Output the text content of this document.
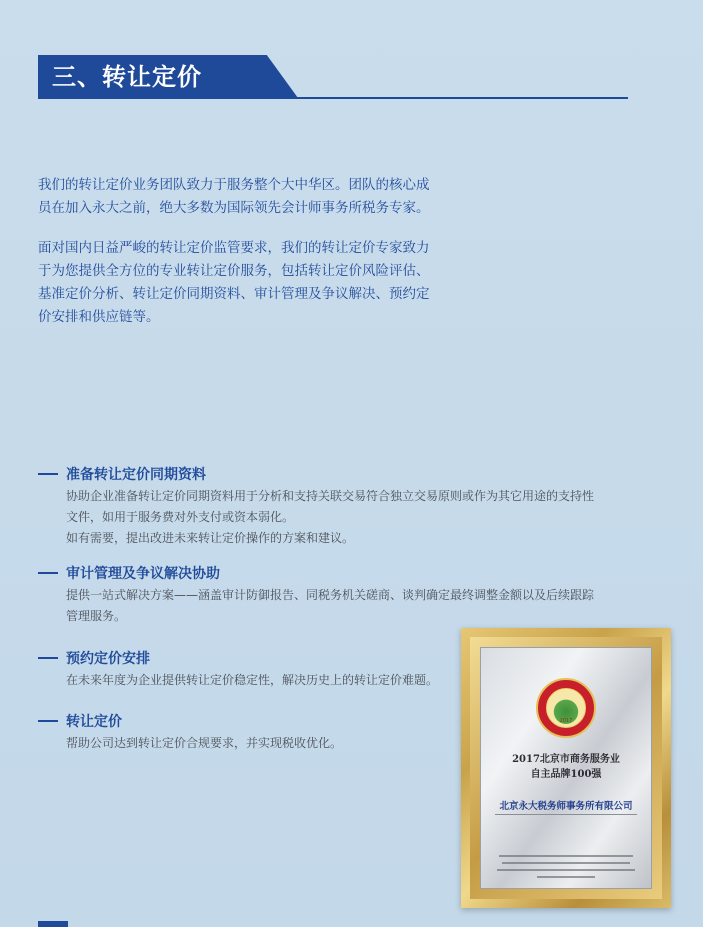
三、转让定价
我们的转让定价业务团队致力于服务整个大中华区。团队的核心成
员在加入永大之前，绝大多数为国际领先会计师事务所税务专家。
面对国内日益严峻的转让定价监管要求，我们的转让定价专家致力
于为您提供全方位的专业转让定价服务，包括转让定价风险评估、
基准定价分析、转让定价同期资料、审计管理及争议解决、预约定
价安排和供应链等。
准备转让定价同期资料
协助企业准备转让定价同期资料用于分析和支持关联交易符合独立交易原则或作为其它用途的支持性
文件，如用于服务费对外支付或资本弱化。
如有需要，提出改进未来转让定价操作的方案和建议。
审计管理及争议解决协助
提供一站式解决方案——涵盖审计防御报告、同税务机关磋商、谈判确定最终调整金额以及后续跟踪
管理服务。
预约定价安排
在未来年度为企业提供转让定价稳定性，解决历史上的转让定价难题。
转让定价
帮助公司达到转让定价合规要求，并实现税收优化。
2017
2017北京市商务服务业
自主品牌100强
北京永大税务师事务所有限公司
